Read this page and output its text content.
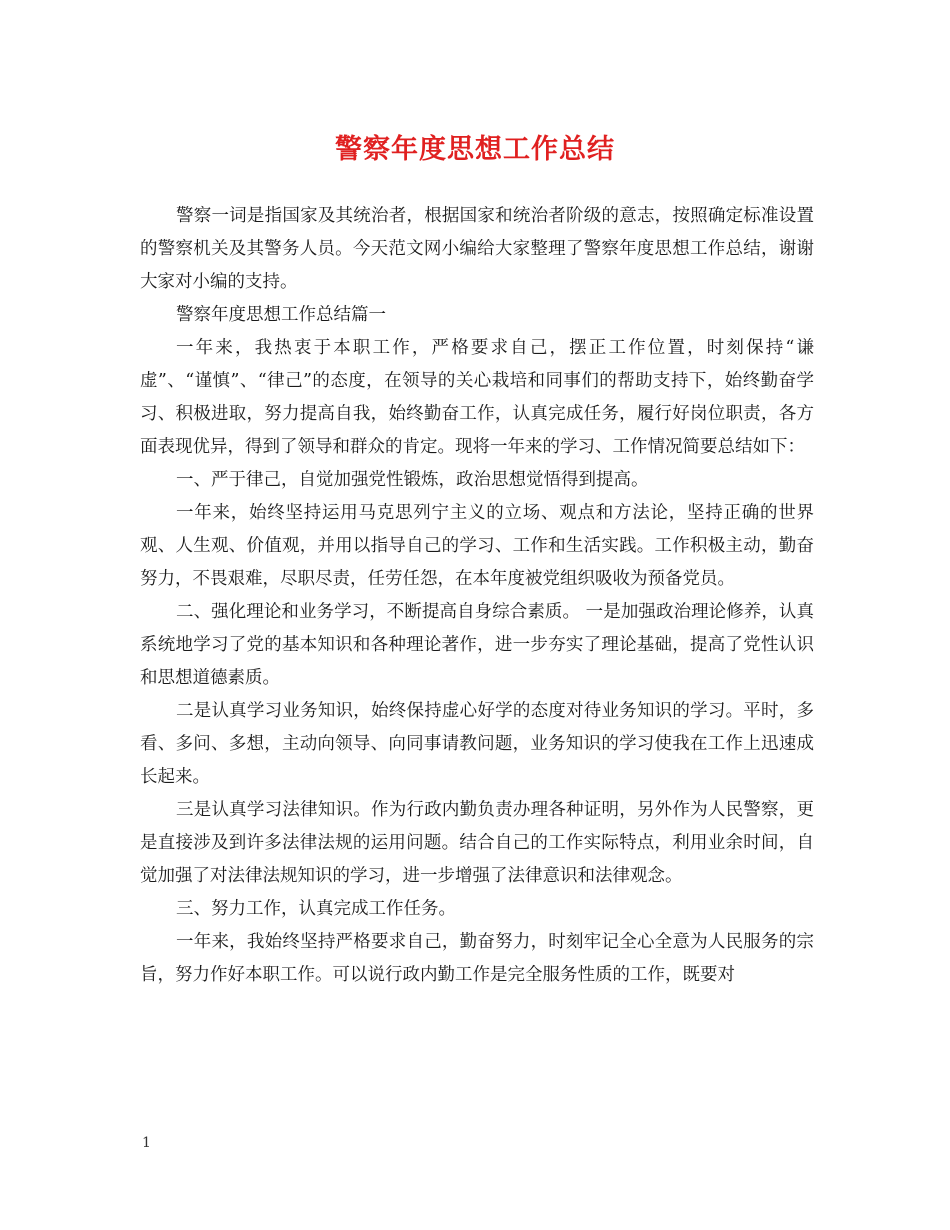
警察年度思想工作总结

警察一词是指国家及其统治者，根据国家和统治者阶级的意志，按照确定标准设置的警察机关及其警务人员。今天范文网小编给大家整理了警察年度思想工作总结，谢谢大家对小编的支持。

警察年度思想工作总结篇一

一年来，我热衷于本职工作，严格要求自己，摆正工作位置，时刻保持“谦虚”、“谨慎”、“律己”的态度，在领导的关心栽培和同事们的帮助支持下，始终勤奋学习、积极进取，努力提高自我，始终勤奋工作，认真完成任务，履行好岗位职责，各方面表现优异，得到了领导和群众的肯定。现将一年来的学习、工作情况简要总结如下：

一、严于律己，自觉加强党性锻炼，政治思想觉悟得到提高。

一年来，始终坚持运用马克思列宁主义的立场、观点和方法论，坚持正确的世界观、人生观、价值观，并用以指导自己的学习、工作和生活实践。工作积极主动，勤奋努力，不畏艰难，尽职尽责，任劳任怨，在本年度被党组织吸收为预备党员。

二、强化理论和业务学习，不断提高自身综合素质。 一是加强政治理论修养，认真系统地学习了党的基本知识和各种理论著作，进一步夯实了理论基础，提高了党性认识和思想道德素质。

二是认真学习业务知识，始终保持虚心好学的态度对待业务知识的学习。平时，多看、多问、多想，主动向领导、向同事请教问题，业务知识的学习使我在工作上迅速成长起来。

三是认真学习法律知识。作为行政内勤负责办理各种证明，另外作为人民警察，更是直接涉及到许多法律法规的运用问题。结合自己的工作实际特点，利用业余时间，自觉加强了对法律法规知识的学习，进一步增强了法律意识和法律观念。

三、努力工作，认真完成工作任务。

一年来，我始终坚持严格要求自己，勤奋努力，时刻牢记全心全意为人民服务的宗旨，努力作好本职工作。可以说行政内勤工作是完全服务性质的工作，既要对

1
